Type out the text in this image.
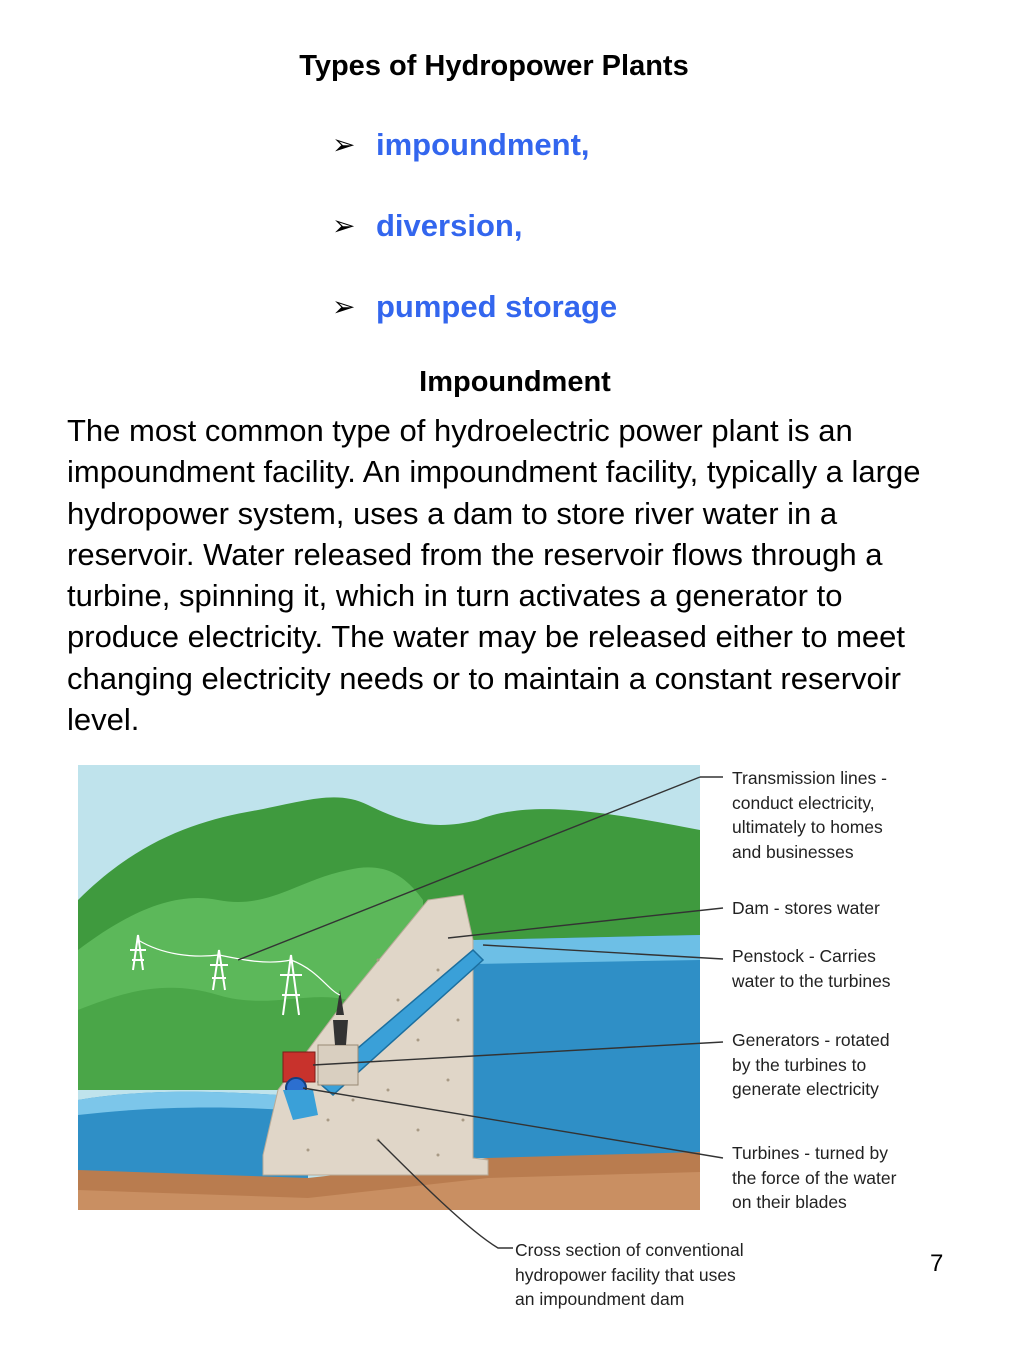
Types of Hydropower Plants
➢ impoundment,
➢ diversion,
➢ pumped storage
Impoundment

The most common type of hydroelectric power plant is an impoundment facility. An impoundment facility, typically a large hydropower system, uses a dam to store river water in a reservoir. Water released from the reservoir flows through a turbine, spinning it, which in turn activates a generator to produce electricity. The water may be released either to meet changing electricity needs or to maintain a constant reservoir level.

Transmission lines -
conduct electricity,
ultimately to homes
and businesses

Dam - stores water

Penstock - Carries
water to the turbines

Generators - rotated
by the turbines to
generate electricity

Turbines - turned by
the force of the water
on their blades

Cross section of conventional
hydropower facility that uses
an impoundment dam

7
